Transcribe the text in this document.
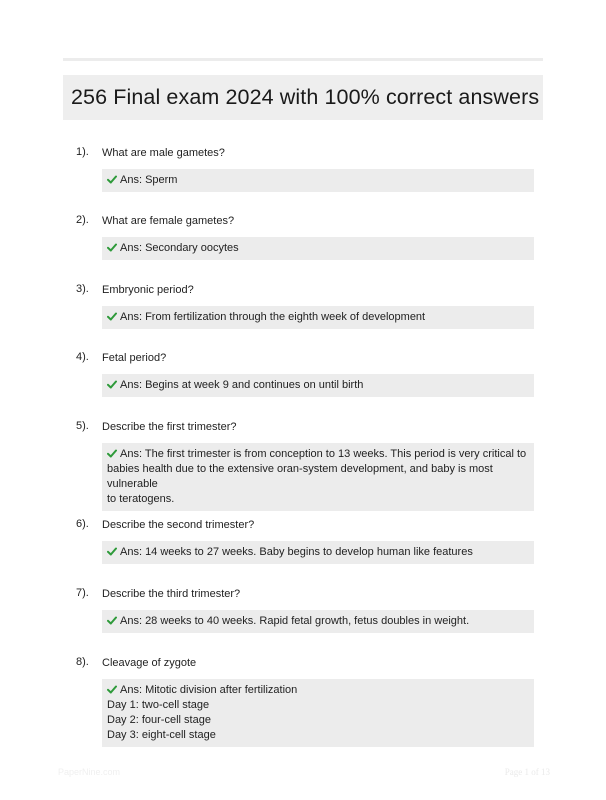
256 Final exam 2024 with 100% correct answers
1). What are male gametes?
Ans: Sperm
2). What are female gametes?
Ans: Secondary oocytes
3). Embryonic period?
Ans: From fertilization through the eighth week of development
4). Fetal period?
Ans: Begins at week 9 and continues on until birth
5). Describe the first trimester?
Ans: The first trimester is from conception to 13 weeks. This period is very critical to
babies health due to the extensive oran-system development, and baby is most vulnerable
to teratogens.
6). Describe the second trimester?
Ans: 14 weeks to 27 weeks. Baby begins to develop human like features
7). Describe the third trimester?
Ans: 28 weeks to 40 weeks. Rapid fetal growth, fetus doubles in weight.
8). Cleavage of zygote
Ans: Mitotic division after fertilization
Day 1: two-cell stage
Day 2: four-cell stage
Day 3: eight-cell stage
PaperNine.com	Page 1 of 13
